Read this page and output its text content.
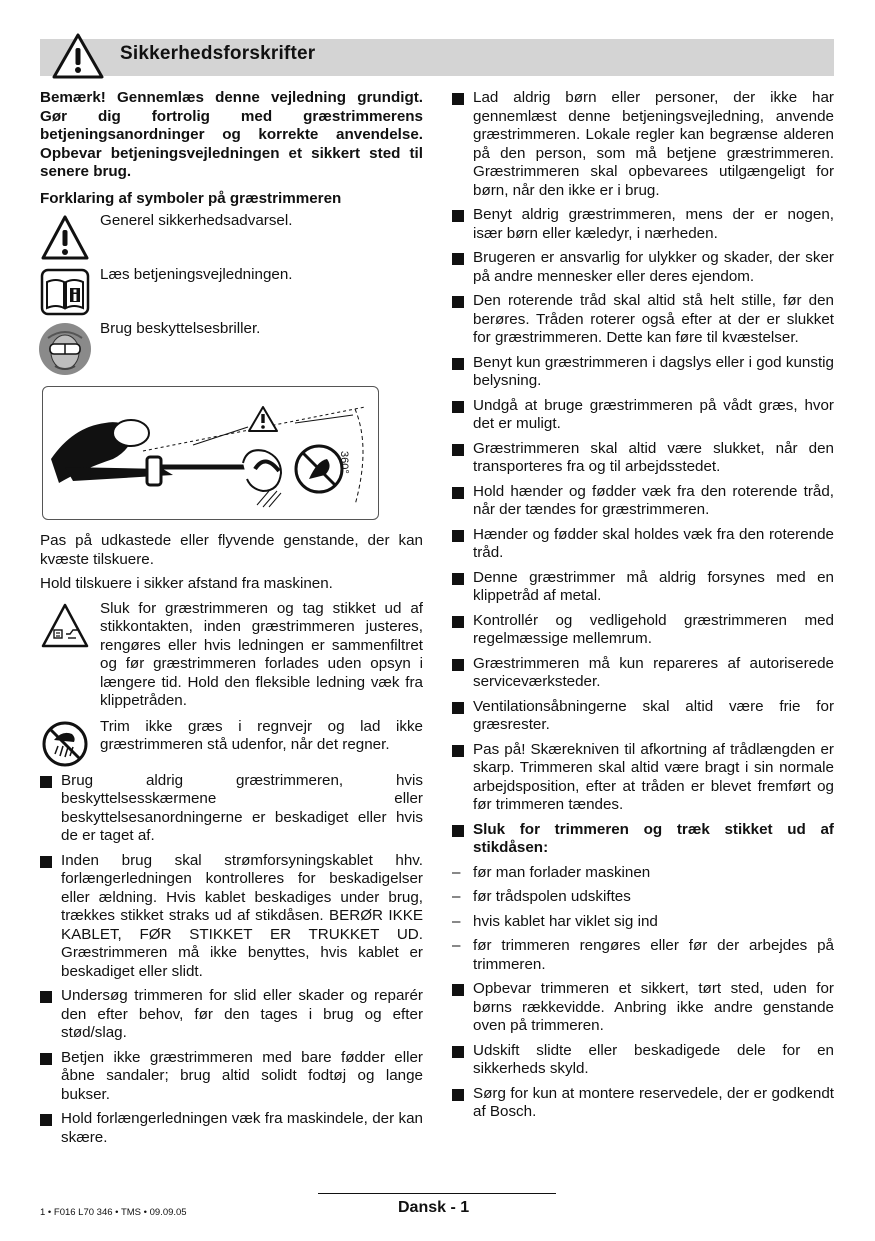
Sikkerhedsforskrifter

Bemærk! Gennemlæs denne vejledning grundigt. Gør dig fortrolig med græstrimmerens betjeningsanordninger og korrekte anvendelse. Opbevar betjeningsvejledningen et sikkert sted til senere brug.

Forklaring af symboler på græstrimmeren

Generel sikkerhedsadvarsel.

Læs betjeningsvejledningen.

Brug beskyttelsesbriller.

360°

Pas på udkastede eller flyvende genstande, der kan kvæste tilskuere.

Hold tilskuere i sikker afstand fra maskinen.

Sluk for græstrimmeren og tag stikket ud af stikkontakten, inden græstrimmeren justeres, rengøres eller hvis ledningen er sammenfiltret og før græstrimmeren forlades uden opsyn i længere tid. Hold den fleksible ledning væk fra klippetråden.

Trim ikke græs i regnvejr og lad ikke græstrimmeren stå udenfor, når det regner.

Brug aldrig græstrimmeren, hvis beskyttelsesskærmene eller beskyttelsesanordningerne er beskadiget eller hvis de er taget af.
Inden brug skal strømforsyningskablet hhv. forlængerledningen kontrolleres for beskadigelser eller ældning. Hvis kablet beskadiges under brug, trækkes stikket straks ud af stikdåsen. BERØR IKKE KABLET, FØR STIKKET ER TRUKKET UD. Græstrimmeren må ikke benyttes, hvis kablet er beskadiget eller slidt.
Undersøg trimmeren for slid eller skader og reparér den efter behov, før den tages i brug og efter stød/slag.
Betjen ikke græstrimmeren med bare fødder eller åbne sandaler; brug altid solidt fodtøj og lange bukser.
Hold forlængerledningen væk fra maskindele, der kan skære.
Lad aldrig børn eller personer, der ikke har gennemlæst denne betjeningsvejledning, anvende græstrimmeren. Lokale regler kan begrænse alderen på den person, som må betjene græstrimmeren. Græstrimmeren skal opbevarees utilgængeligt for børn, når den ikke er i brug.
Benyt aldrig græstrimmeren, mens der er nogen, især børn eller kæledyr, i nærheden.
Brugeren er ansvarlig for ulykker og skader, der sker på andre mennesker eller deres ejendom.
Den roterende tråd skal altid stå helt stille, før den berøres. Tråden roterer også efter at der er slukket for græstrimmeren. Dette kan føre til kvæstelser.
Benyt kun græstrimmeren i dagslys eller i god kunstig belysning.
Undgå at bruge græstrimmeren på vådt græs, hvor det er muligt.
Græstrimmeren skal altid være slukket, når den transporteres fra og til arbejdsstedet.
Hold hænder og fødder væk fra den roterende tråd, når der tændes for græstrimmeren.
Hænder og fødder skal holdes væk fra den roterende tråd.
Denne græstrimmer må aldrig forsynes med en klippetråd af metal.
Kontrollér og vedligehold græstrimmeren med regelmæssige mellemrum.
Græstrimmeren må kun repareres af autoriserede serviceværksteder.
Ventilationsåbningerne skal altid være frie for græsrester.
Pas på! Skærekniven til afkortning af trådlængden er skarp. Trimmeren skal altid være bragt i sin normale arbejdsposition, efter at tråden er blevet fremført og før trimmeren tændes.
Sluk for trimmeren og træk stikket ud af stikdåsen:
– før man forlader maskinen
– før trådspolen udskiftes
– hvis kablet har viklet sig ind
– før trimmeren rengøres eller før der arbejdes på trimmeren.
Opbevar trimmeren et sikkert, tørt sted, uden for børns rækkevidde. Anbring ikke andre genstande oven på trimmeren.
Udskift slidte eller beskadigede dele for en sikkerheds skyld.
Sørg for kun at montere reservedele, der er godkendt af Bosch.
1 • F016 L70 346 • TMS • 09.09.05	Dansk - 1
